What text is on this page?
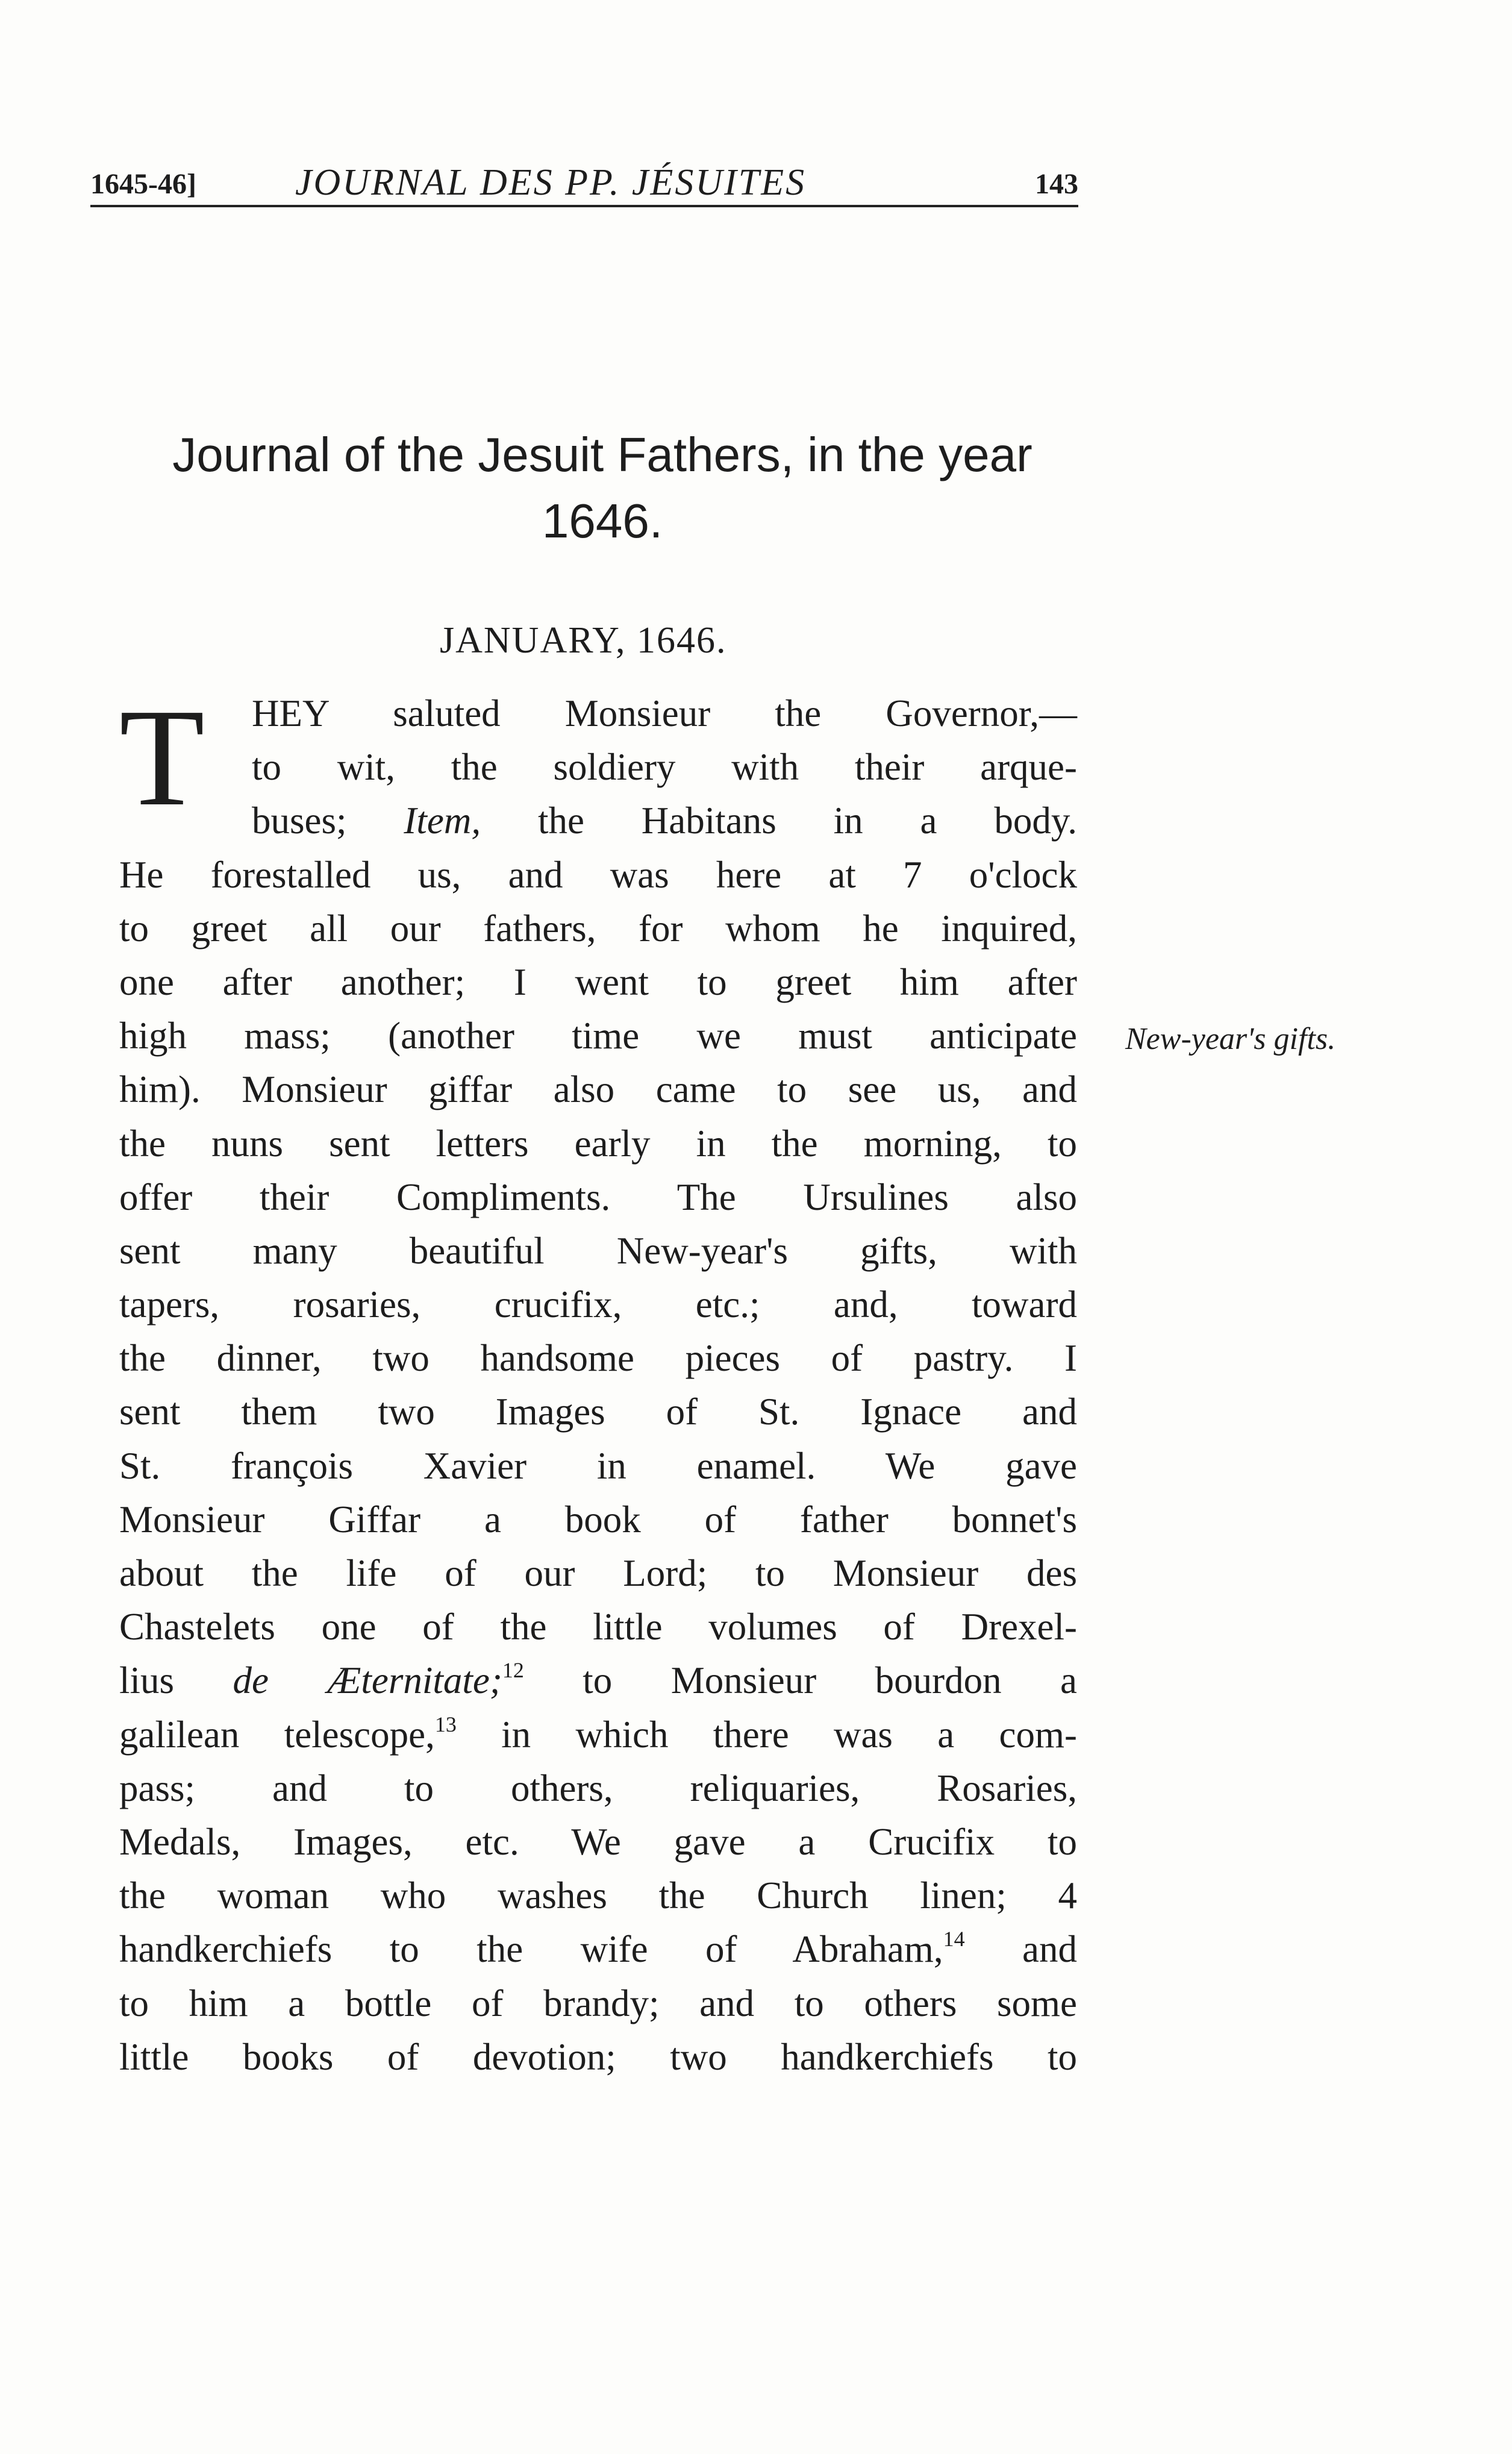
1645-46]	JOURNAL DES PP. JÉSUITES	143
Journal of the Jesuit Fathers, in the year
1646.
JANUARY, 1646.
T	HEY saluted Monsieur the Governor,—
to wit, the soldiery with their arque-
buses; Item, the Habitans in a body.
He forestalled us, and was here at 7 o'clock
to greet all our fathers, for whom he inquired,
one after another; I went to greet him after
high mass; (another time we must anticipate
him). Monsieur giffar also came to see us, and
the nuns sent letters early in the morning, to
offer their Compliments. The Ursulines also
sent many beautiful New-year's gifts, with
tapers, rosaries, crucifix, etc.; and, toward
the dinner, two handsome pieces of pastry. I
sent them two Images of St. Ignace and
St. françois Xavier in enamel. We gave
Monsieur Giffar a book of father bonnet's
about the life of our Lord; to Monsieur des
Chastelets one of the little volumes of Drexel-
lius de Æternitate;$^{12}$ to Monsieur bourdon a
galilean telescope,$^{13}$ in which there was a com-
pass; and to others, reliquaries, Rosaries,
Medals, Images, etc. We gave a Crucifix to
the woman who washes the Church linen; 4
handkerchiefs to the wife of Abraham,$^{14}$ and
to him a bottle of brandy; and to others some
little books of devotion; two handkerchiefs to
New-year's gifts.
